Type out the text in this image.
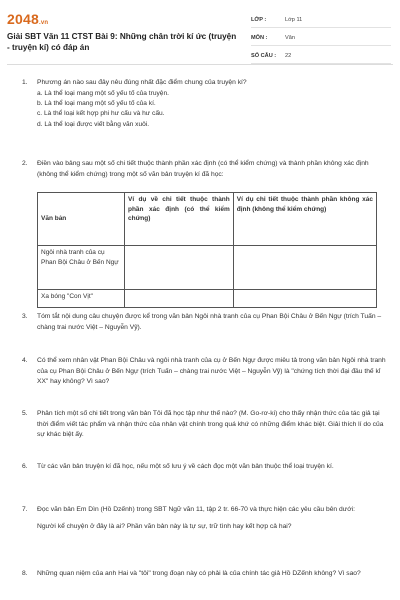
2048.vn
Giải SBT Văn 11 CTST Bài 9: Những chân trời kí ức (truyện - truyện kí) có đáp án
LỚP :	Lớp 11
MÔN :	Văn
SỐ CÂU :	22
1.	Phương án nào sau đây nêu đúng nhất đặc điểm chung của truyện kí?
a. Là thể loại mang một số yếu tố của truyện.
b. Là thể loại mang một số yếu tố của kí.
c. Là thể loại kết hợp phi hư cấu và hư cấu.
d. Là thể loại được viết bằng văn xuôi.
2.	Điền vào bảng sau một số chi tiết thuộc thành phần xác định (có thể kiểm chứng) và thành phần không xác định (không thể kiểm chứng) trong một số văn bản truyện kí đã học:
Văn bản	Ví dụ về chi tiết thuộc thành phần xác định (có thể kiểm chứng)	Ví dụ chi tiết thuộc thành phần không xác định (không thể kiểm chứng)
Ngôi nhà tranh của cụ Phan Bội Châu ở Bến Ngự		
Xa bóng "Con Vịt"		
3.	Tóm tắt nội dung câu chuyện được kể trong văn bản Ngôi nhà tranh của cụ Phan Bội Châu ở Bến Ngự (trích Tuấn – chàng trai nước Việt – Nguyễn Vỹ).
4.	Có thể xem nhân vật Phan Bội Châu và ngôi nhà tranh của cụ ở Bến Ngự được miêu tả trong văn bản Ngôi nhà tranh của cụ Phan Bội Châu ở Bến Ngự (trích Tuấn – chàng trai nước Việt – Nguyễn Vỹ) là "chứng tích thời đại đầu thế kỉ XX" hay không? Vì sao?
5.	Phân tích một số chi tiết trong văn bản Tôi đã học tập như thế nào? (M. Go-rơ-ki) cho thấy nhận thức của tác giả tại thời điểm viết tác phẩm và nhận thức của nhân vật chính trong quá khứ có những điểm khác biệt. Giải thích lí do của sự khác biệt ấy.
6.	Từ các văn bản truyện kí đã học, nếu một số lưu ý về cách đọc một văn bản thuộc thể loại truyện kí.
7.	Đọc văn bản Em Dìn (Hồ Dzếnh) trong SBT Ngữ văn 11, tập 2 tr. 66-70 và thực hiện các yêu cầu bên dưới:
Người kể chuyện ở đây là ai? Phần văn bản này là tự sự, trữ tình hay kết hợp cả hai?
8.	Những quan niệm của anh Hai và "tôi" trong đoạn này có phải là của chính tác giả Hồ DZếnh không? Vì sao?
